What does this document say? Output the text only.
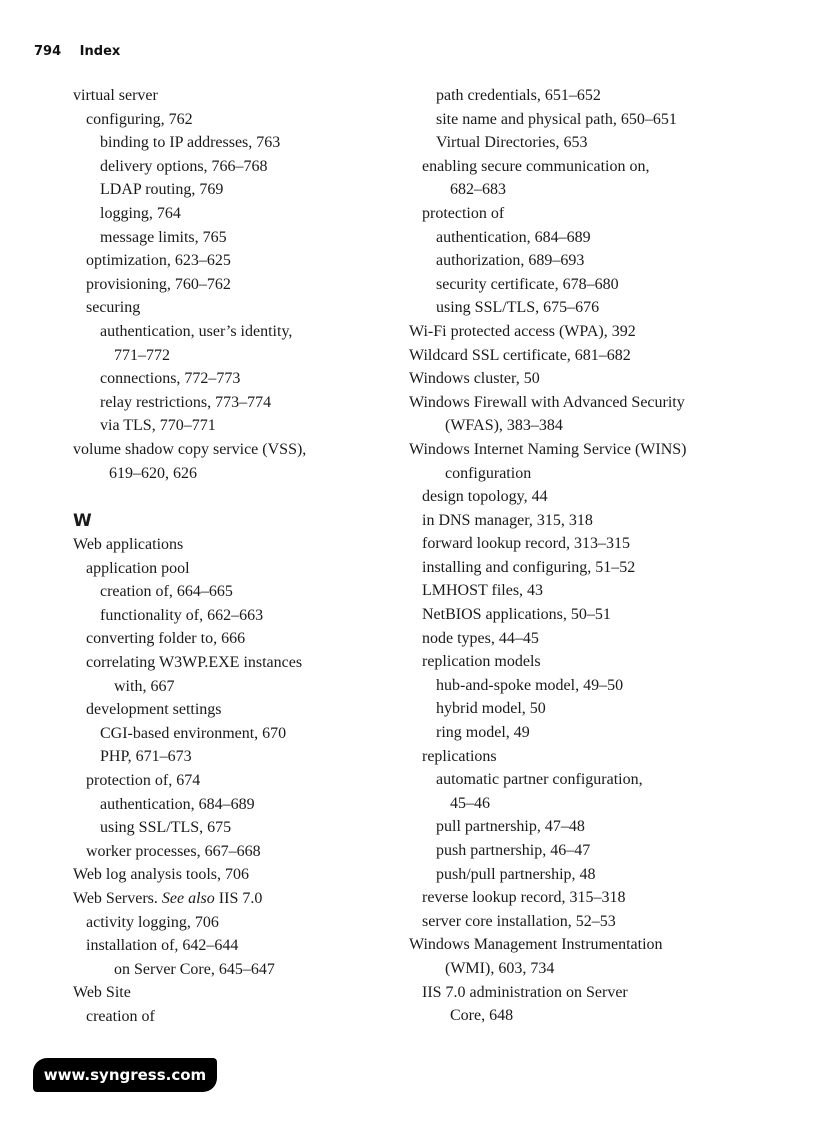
794 Index
virtual server
configuring, 762
binding to IP addresses, 763
delivery options, 766–768
LDAP routing, 769
logging, 764
message limits, 765
optimization, 623–625
provisioning, 760–762
securing
authentication, user’s identity,
771–772
connections, 772–773
relay restrictions, 773–774
via TLS, 770–771
volume shadow copy service (VSS),
619–620, 626
W
Web applications
application pool
creation of, 664–665
functionality of, 662–663
converting folder to, 666
correlating W3WP.EXE instances
with, 667
development settings
CGI-based environment, 670
PHP, 671–673
protection of, 674
authentication, 684–689
using SSL/TLS, 675
worker processes, 667–668
Web log analysis tools, 706
Web Servers. See also IIS 7.0
activity logging, 706
installation of, 642–644
on Server Core, 645–647
Web Site
creation of
path credentials, 651–652
site name and physical path, 650–651
Virtual Directories, 653
enabling secure communication on,
682–683
protection of
authentication, 684–689
authorization, 689–693
security certificate, 678–680
using SSL/TLS, 675–676
Wi-Fi protected access (WPA), 392
Wildcard SSL certificate, 681–682
Windows cluster, 50
Windows Firewall with Advanced Security
(WFAS), 383–384
Windows Internet Naming Service (WINS)
configuration
design topology, 44
in DNS manager, 315, 318
forward lookup record, 313–315
installing and configuring, 51–52
LMHOST files, 43
NetBIOS applications, 50–51
node types, 44–45
replication models
hub-and-spoke model, 49–50
hybrid model, 50
ring model, 49
replications
automatic partner configuration,
45–46
pull partnership, 47–48
push partnership, 46–47
push/pull partnership, 48
reverse lookup record, 315–318
server core installation, 52–53
Windows Management Instrumentation
(WMI), 603, 734
IIS 7.0 administration on Server
Core, 648
www.syngress.com
